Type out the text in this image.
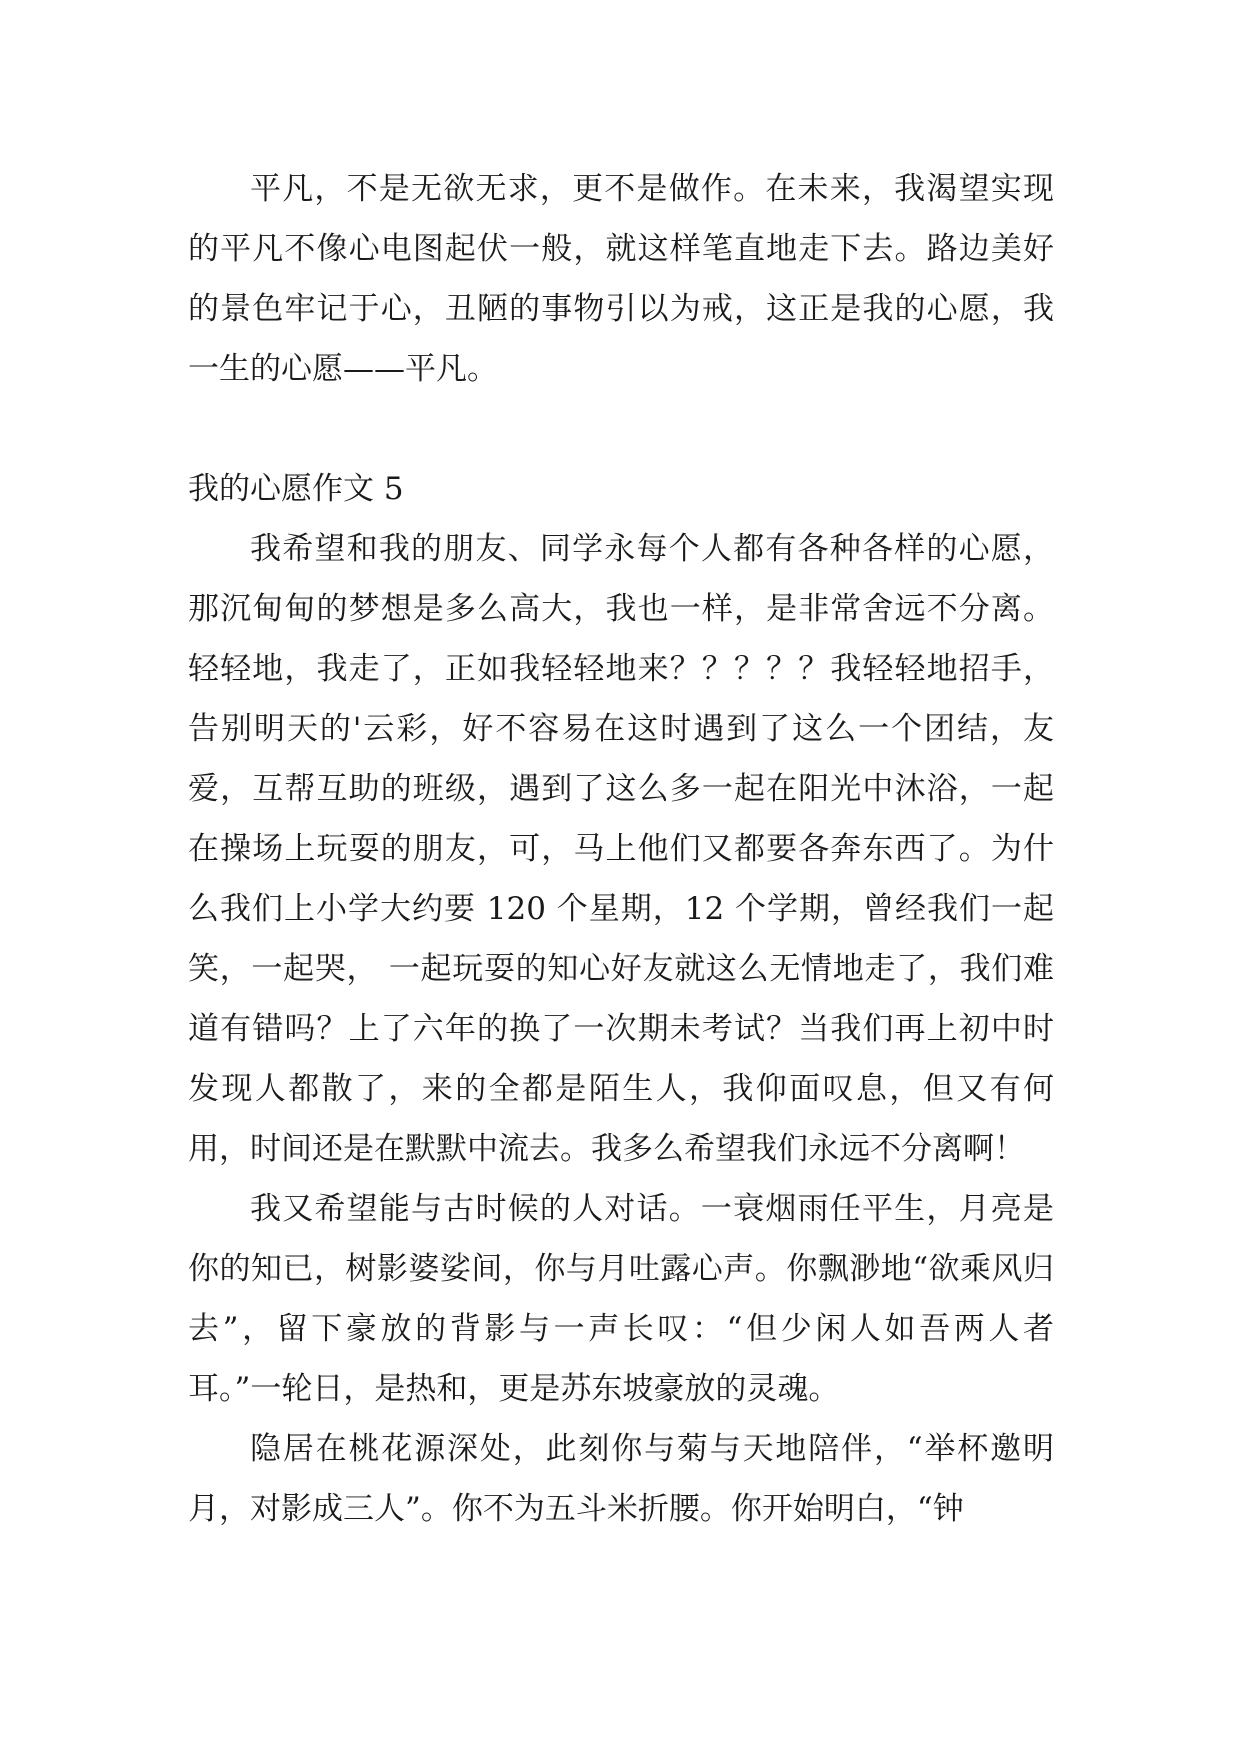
平凡，不是无欲无求，更不是做作。在未来，我渴望实现的平凡不像心电图起伏一般，就这样笔直地走下去。路边美好的景色牢记于心，丑陋的事物引以为戒，这正是我的心愿，我一生的心愿——平凡。

我的心愿作文 5

我希望和我的朋友、同学永每个人都有各种各样的心愿，那沉甸甸的梦想是多么高大，我也一样，是非常舍远不分离。轻轻地，我走了，正如我轻轻地来？？？？？我轻轻地招手，告别明天的'云彩，好不容易在这时遇到了这么一个团结，友爱，互帮互助的班级，遇到了这么多一起在阳光中沐浴，一起在操场上玩耍的朋友，可，马上他们又都要各奔东西了。为什么我们上小学大约要 120 个星期，12 个学期，曾经我们一起笑，一起哭， 一起玩耍的知心好友就这么无情地走了，我们难道有错吗？上了六年的换了一次期未考试？当我们再上初中时发现人都散了，来的全都是陌生人，我仰面叹息，但又有何用，时间还是在默默中流去。我多么希望我们永远不分离啊！

我又希望能与古时候的人对话。一衰烟雨任平生，月亮是你的知已，树影婆娑间，你与月吐露心声。你飘渺地“欲乘风归去”，留下豪放的背影与一声长叹：“但少闲人如吾两人者耳。”一轮日，是热和，更是苏东坡豪放的灵魂。

隐居在桃花源深处，此刻你与菊与天地陪伴，“举杯邀明月，对影成三人”。你不为五斗米折腰。你开始明白，“钟
